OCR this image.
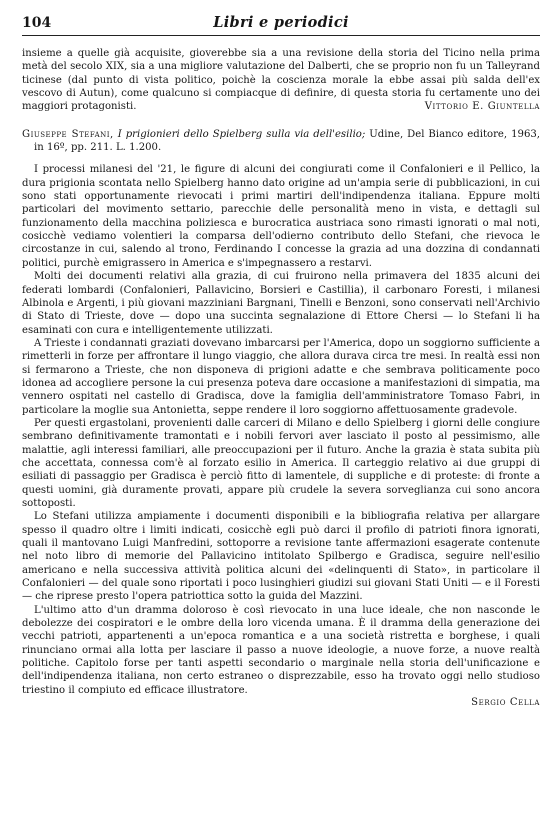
104	Libri e periodici

insieme a quelle già acquisite, gioverebbe sia a una revisione della storia del Ticino nella prima metà del secolo XIX, sia a una migliore valutazione del Dalberti, che se proprio non fu un Talleyrand ticinese (dal punto di vista politico, poichè la coscienza morale la ebbe assai più salda dell'ex vescovo di Autun), come qualcuno si compiacque di definire, di questa storia fu certamente uno dei maggiori protagonisti.	Vittorio E. Giuntella
Giuseppe Stefani, I prigionieri dello Spielberg sulla via dell'esilio; Udine, Del Bianco editore, 1963, in 16º, pp. 211. L. 1.200.

I processi milanesi del '21, le figure di alcuni dei congiurati come il Confalonieri e il Pellico, la dura prigionia scontata nello Spielberg hanno dato origine ad un'ampia serie di pubblicazioni, in cui sono stati opportunamente rievocati i primi martiri dell'indipendenza italiana. Eppure molti particolari del movimento settario, parecchie delle personalità meno in vista, e dettagli sul funzionamento della macchina poliziesca e burocratica austriaca sono rimasti ignorati o mal noti, cosicchè vediamo volentieri la comparsa dell'odierno contributo dello Stefani, che rievoca le circostanze in cui, salendo al trono, Ferdinando I concesse la grazia ad una dozzina di condannati politici, purchè emigrassero in America e s'impegnassero a restarvi.

Molti dei documenti relativi alla grazia, di cui fruirono nella primavera del 1835 alcuni dei federati lombardi (Confalonieri, Pallavicino, Borsieri e Castillia), il carbonaro Foresti, i milanesi Albinola e Argenti, i più giovani mazziniani Bargnani, Tinelli e Benzoni, sono conservati nell'Archivio di Stato di Trieste, dove — dopo una succinta segnalazione di Ettore Chersi — lo Stefani li ha esaminati con cura e intelligentemente utilizzati.

A Trieste i condannati graziati dovevano imbarcarsi per l'America, dopo un soggiorno sufficiente a rimetterli in forze per affrontare il lungo viaggio, che allora durava circa tre mesi. In realtà essi non si fermarono a Trieste, che non disponeva di prigioni adatte e che sembrava politicamente poco idonea ad accogliere persone la cui presenza poteva dare occasione a manifestazioni di simpatia, ma vennero ospitati nel castello di Gradisca, dove la famiglia dell'amministratore Tomaso Fabri, in particolare la moglie sua Antonietta, seppe rendere il loro soggiorno affettuosamente gradevole.

Per questi ergastolani, provenienti dalle carceri di Milano e dello Spielberg i giorni delle congiure sembrano definitivamente tramontati e i nobili fervori aver lasciato il posto al pessimismo, alle malattie, agli interessi familiari, alle preoccupazioni per il futuro. Anche la grazia è stata subita più che accettata, connessa com'è al forzato esilio in America. Il carteggio relativo ai due gruppi di esiliati di passaggio per Gradisca è perciò fitto di lamentele, di suppliche e di proteste: di fronte a questi uomini, già duramente provati, appare più crudele la severa sorveglianza cui sono ancora sottoposti.

Lo Stefani utilizza ampiamente i documenti disponibili e la bibliografia relativa per allargare spesso il quadro oltre i limiti indicati, cosicchè egli può darci il profilo di patrioti finora ignorati, quali il mantovano Luigi Manfredini, sottoporre a revisione tante affermazioni esagerate contenute nel noto libro di memorie del Pallavicino intitolato Spilbergo e Gradisca, seguire nell'esilio americano e nella successiva attività politica alcuni dei «delinquenti di Stato», in particolare il Confalonieri — del quale sono riportati i poco lusinghieri giudizi sui giovani Stati Uniti — e il Foresti — che riprese presto l'opera patriottica sotto la guida del Mazzini.

L'ultimo atto d'un dramma doloroso è così rievocato in una luce ideale, che non nasconde le debolezze dei cospiratori e le ombre della loro vicenda umana. È il dramma della generazione dei vecchi patrioti, appartenenti a un'epoca romantica e a una società ristretta e borghese, i quali rinunciano ormai alla lotta per lasciare il passo a nuove ideologie, a nuove forze, a nuove realtà politiche. Capitolo forse per tanti aspetti secondario o marginale nella storia dell'unificazione e dell'indipendenza italiana, non certo estraneo o disprezzabile, esso ha trovato oggi nello studioso triestino il compiuto ed efficace illustratore.

Sergio Cella
